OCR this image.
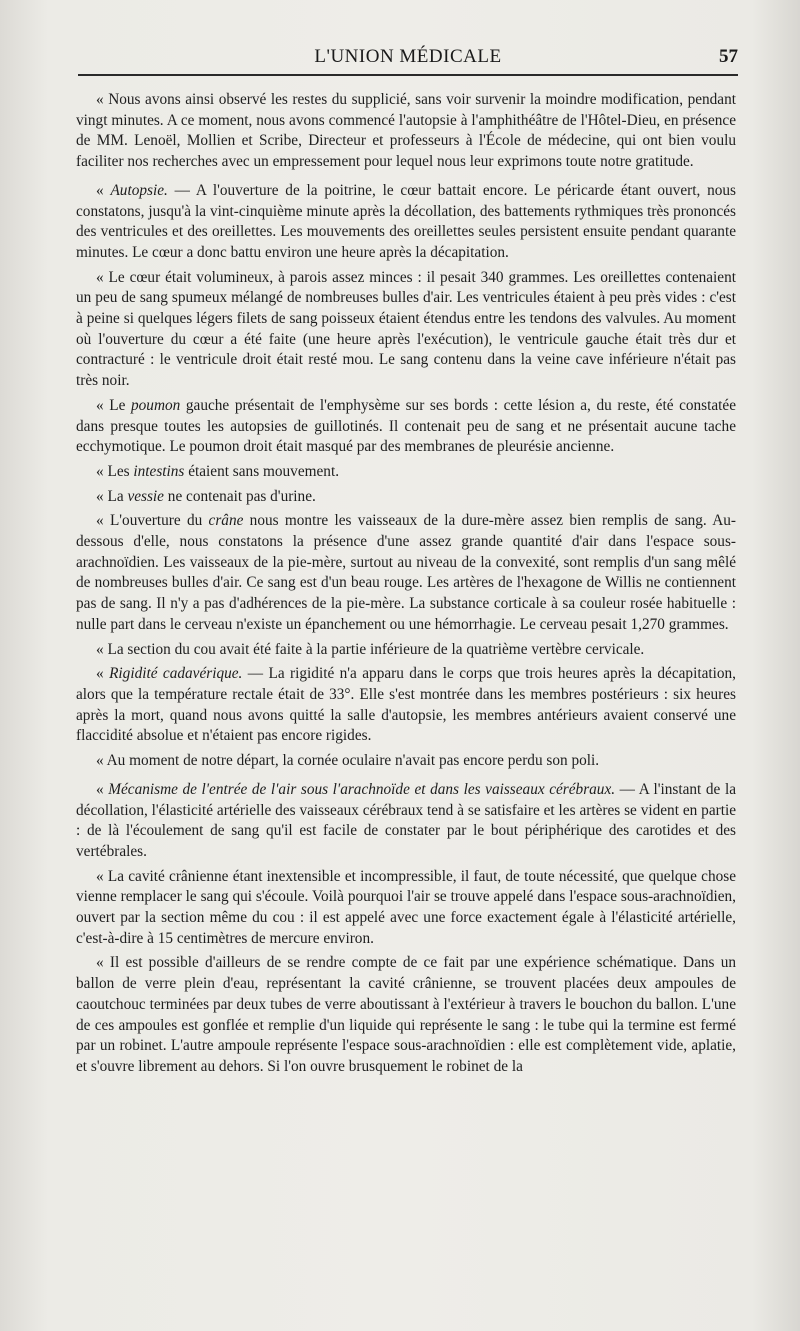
L'UNION MÉDICALE	57

« Nous avons ainsi observé les restes du supplicié, sans voir survenir la moindre modification, pendant vingt minutes. A ce moment, nous avons commencé l'autopsie à l'amphithéâtre de l'Hôtel-Dieu, en présence de MM. Lenoël, Mollien et Scribe, Directeur et professeurs à l'École de médecine, qui ont bien voulu faciliter nos recherches avec un empressement pour lequel nous leur exprimons toute notre gratitude.

« Autopsie. — A l'ouverture de la poitrine, le cœur battait encore. Le péricarde étant ouvert, nous constatons, jusqu'à la vint-cinquième minute après la décollation, des battements rythmiques très prononcés des ventricules et des oreillettes. Les mouvements des oreillettes seules persistent ensuite pendant quarante minutes. Le cœur a donc battu environ une heure après la décapitation.

« Le cœur était volumineux, à parois assez minces : il pesait 340 grammes. Les oreillettes contenaient un peu de sang spumeux mélangé de nombreuses bulles d'air. Les ventricules étaient à peu près vides : c'est à peine si quelques légers filets de sang poisseux étaient étendus entre les tendons des valvules. Au moment où l'ouverture du cœur a été faite (une heure après l'exécution), le ventricule gauche était très dur et contracturé : le ventricule droit était resté mou. Le sang contenu dans la veine cave inférieure n'était pas très noir.

« Le poumon gauche présentait de l'emphysème sur ses bords : cette lésion a, du reste, été constatée dans presque toutes les autopsies de guillotinés. Il contenait peu de sang et ne présentait aucune tache ecchymotique. Le poumon droit était masqué par des membranes de pleurésie ancienne.

« Les intestins étaient sans mouvement.

« La vessie ne contenait pas d'urine.

« L'ouverture du crâne nous montre les vaisseaux de la dure-mère assez bien remplis de sang. Au-dessous d'elle, nous constatons la présence d'une assez grande quantité d'air dans l'espace sous-arachnoïdien. Les vaisseaux de la pie-mère, surtout au niveau de la convexité, sont remplis d'un sang mêlé de nombreuses bulles d'air. Ce sang est d'un beau rouge. Les artères de l'hexagone de Willis ne contiennent pas de sang. Il n'y a pas d'adhérences de la pie-mère. La substance corticale à sa couleur rosée habituelle : nulle part dans le cerveau n'existe un épanchement ou une hémorrhagie. Le cerveau pesait 1,270 grammes.

« La section du cou avait été faite à la partie inférieure de la quatrième vertèbre cervicale.

« Rigidité cadavérique. — La rigidité n'a apparu dans le corps que trois heures après la décapitation, alors que la température rectale était de 33°. Elle s'est montrée dans les membres postérieurs : six heures après la mort, quand nous avons quitté la salle d'autopsie, les membres antérieurs avaient conservé une flaccidité absolue et n'étaient pas encore rigides.

« Au moment de notre départ, la cornée oculaire n'avait pas encore perdu son poli.

« Mécanisme de l'entrée de l'air sous l'arachnoïde et dans les vaisseaux cérébraux. — A l'instant de la décollation, l'élasticité artérielle des vaisseaux cérébraux tend à se satisfaire et les artères se vident en partie : de là l'écoulement de sang qu'il est facile de constater par le bout périphérique des carotides et des vertébrales.

« La cavité crânienne étant inextensible et incompressible, il faut, de toute nécessité, que quelque chose vienne remplacer le sang qui s'écoule. Voilà pourquoi l'air se trouve appelé dans l'espace sous-arachnoïdien, ouvert par la section même du cou : il est appelé avec une force exactement égale à l'élasticité artérielle, c'est-à-dire à 15 centimètres de mercure environ.

« Il est possible d'ailleurs de se rendre compte de ce fait par une expérience schématique. Dans un ballon de verre plein d'eau, représentant la cavité crânienne, se trouvent placées deux ampoules de caoutchouc terminées par deux tubes de verre aboutissant à l'extérieur à travers le bouchon du ballon. L'une de ces ampoules est gonflée et remplie d'un liquide qui représente le sang : le tube qui la termine est fermé par un robinet. L'autre ampoule représente l'espace sous-arachnoïdien : elle est complètement vide, aplatie, et s'ouvre librement au dehors. Si l'on ouvre brusquement le robinet de la
